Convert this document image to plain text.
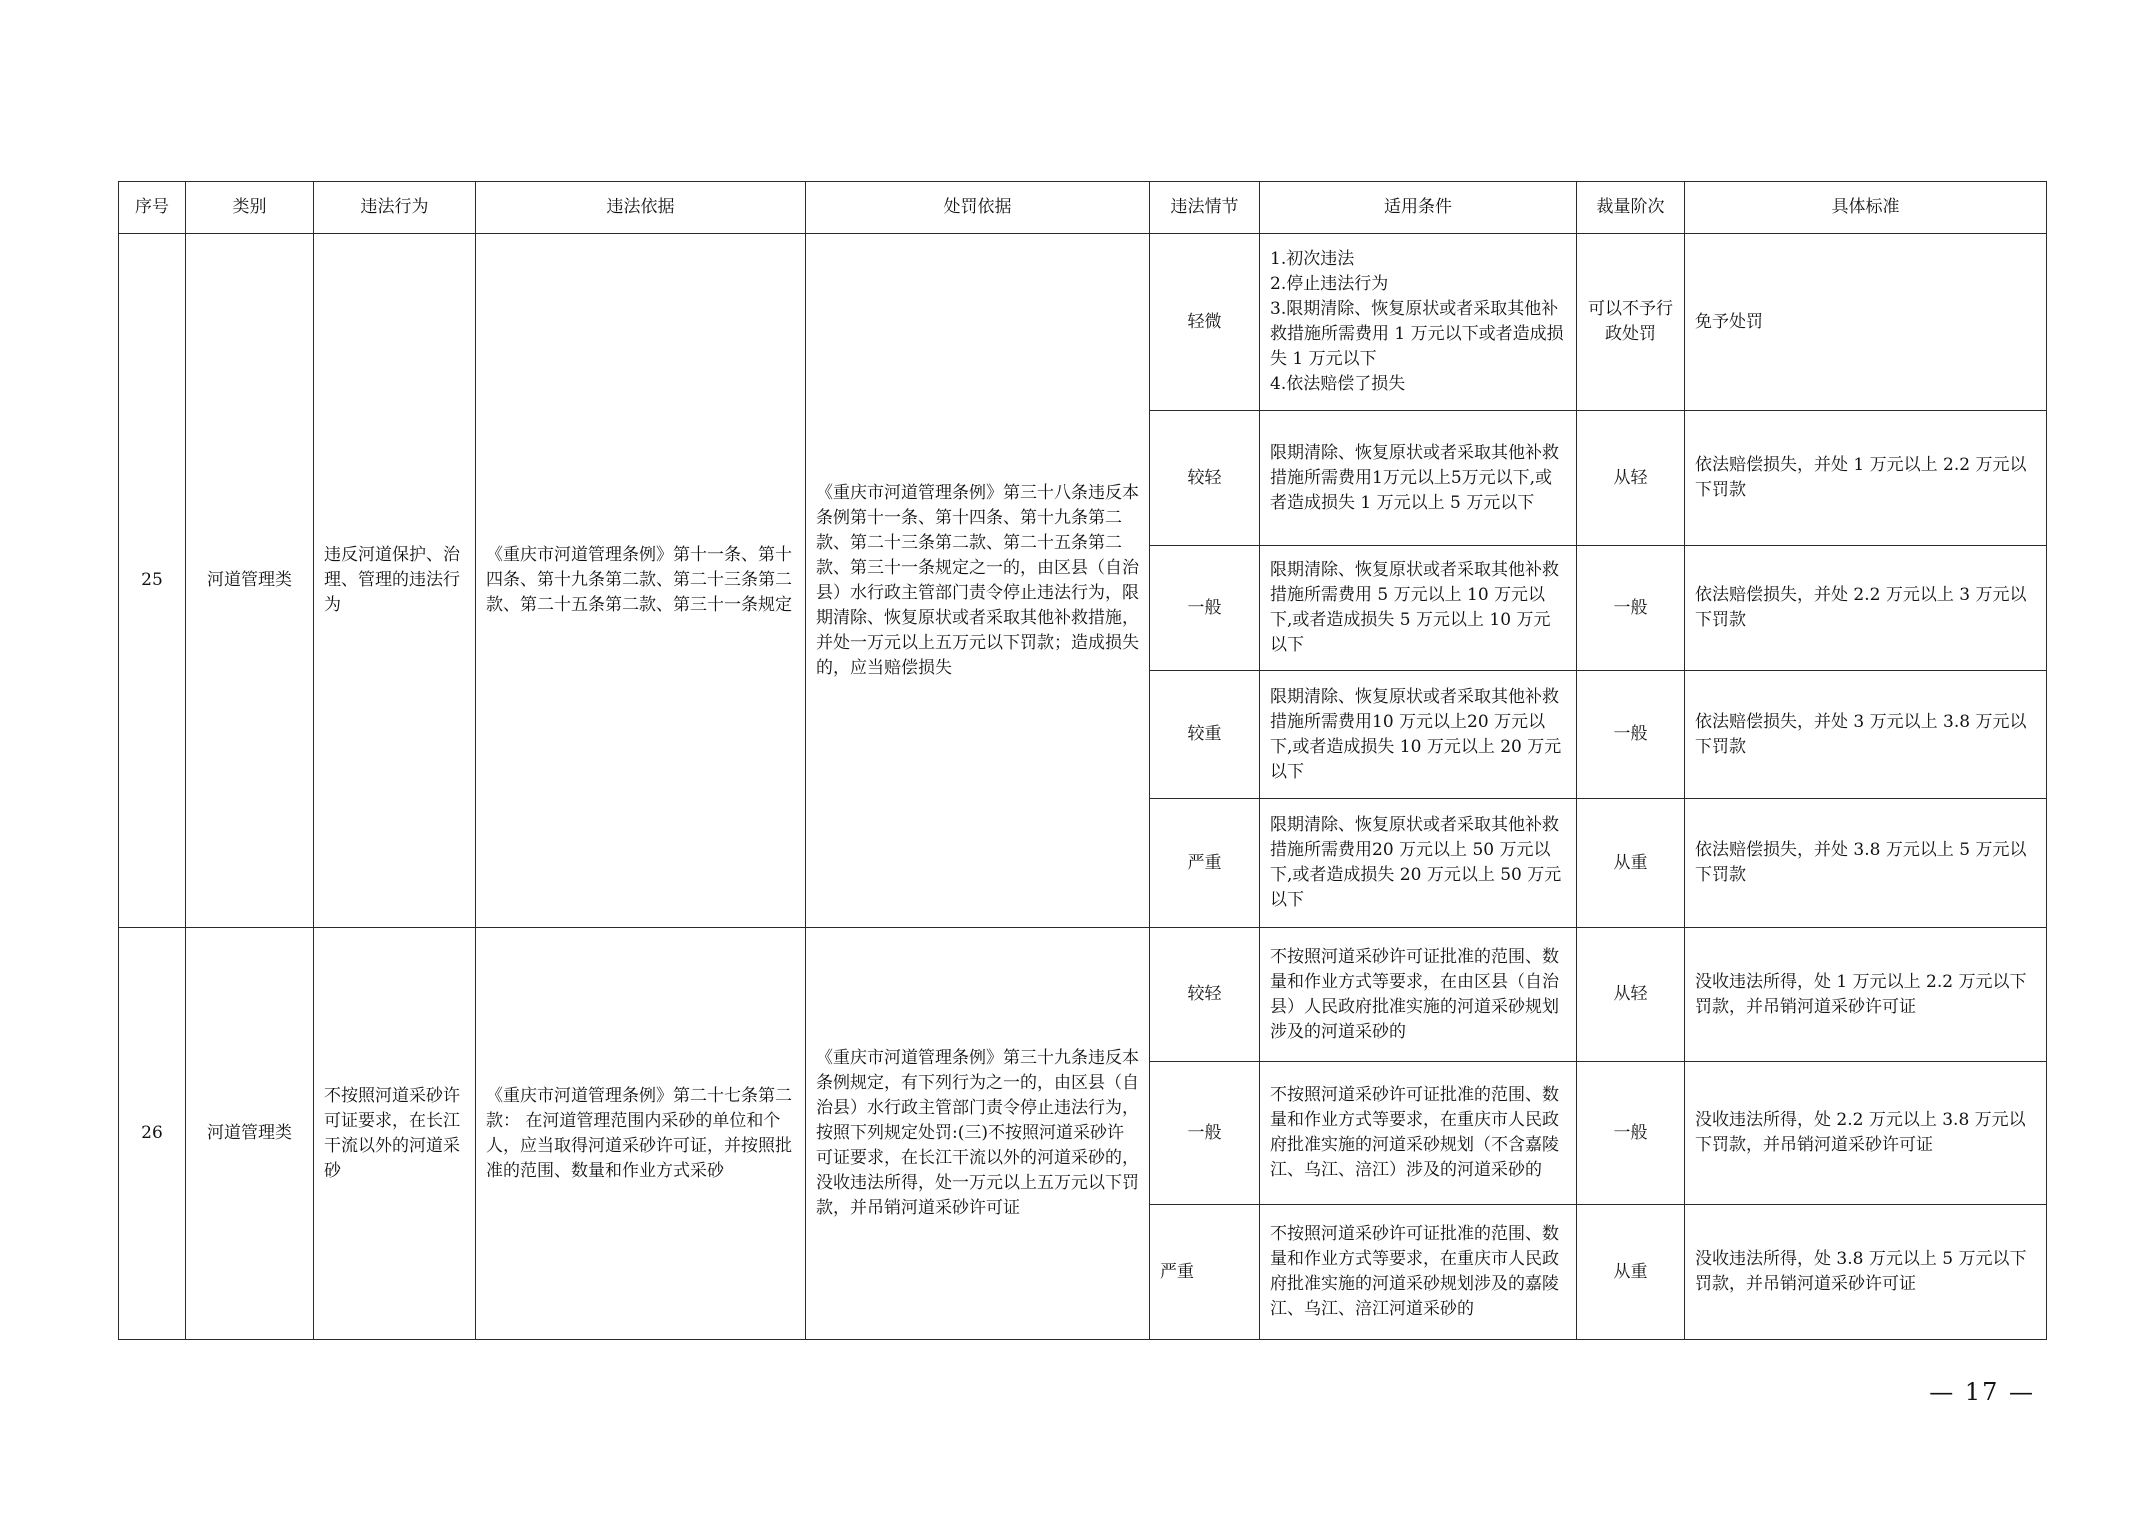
序号	类别	违法行为	违法依据	处罚依据	违法情节	适用条件	裁量阶次	具体标准
25	河道管理类	违反河道保护、治理、管理的违法行为	《重庆市河道管理条例》第十一条、第十四条、第十九条第二款、第二十三条第二款、第二十五条第二款、第三十一条规定	《重庆市河道管理条例》第三十八条违反本条例第十一条、第十四条、第十九条第二款、第二十三条第二款、第二十五条第二款、第三十一条规定之一的，由区县（自治县）水行政主管部门责令停止违法行为，限期清除、恢复原状或者采取其他补救措施，并处一万元以上五万元以下罚款；造成损失的，应当赔偿损失	轻微	1.初次违法
2.停止违法行为
3.限期清除、恢复原状或者采取其他补救措施所需费用 1 万元以下或者造成损失 1 万元以下
4.依法赔偿了损失	可以不予行政处罚	免予处罚
					较轻	限期清除、恢复原状或者采取其他补救措施所需费用1万元以上5万元以下,或者造成损失 1 万元以上 5 万元以下	从轻	依法赔偿损失，并处 1 万元以上 2.2 万元以下罚款
					一般	限期清除、恢复原状或者采取其他补救措施所需费用 5 万元以上 10 万元以下,或者造成损失 5 万元以上 10 万元以下	一般	依法赔偿损失，并处 2.2 万元以上 3 万元以下罚款
					较重	限期清除、恢复原状或者采取其他补救措施所需费用10 万元以上20 万元以下,或者造成损失 10 万元以上 20 万元以下	一般	依法赔偿损失，并处 3 万元以上 3.8 万元以下罚款
					严重	限期清除、恢复原状或者采取其他补救措施所需费用20 万元以上 50 万元以下,或者造成损失 20 万元以上 50 万元以下	从重	依法赔偿损失，并处 3.8 万元以上 5 万元以下罚款
26	河道管理类	不按照河道采砂许可证要求，在长江干流以外的河道采砂	《重庆市河道管理条例》第二十七条第二款： 在河道管理范围内采砂的单位和个人，应当取得河道采砂许可证，并按照批准的范围、数量和作业方式采砂	《重庆市河道管理条例》第三十九条违反本条例规定，有下列行为之一的，由区县（自治县）水行政主管部门责令停止违法行为，按照下列规定处罚:(三)不按照河道采砂许可证要求，在长江干流以外的河道采砂的，没收违法所得，处一万元以上五万元以下罚款，并吊销河道采砂许可证	较轻	不按照河道采砂许可证批准的范围、数量和作业方式等要求，在由区县（自治县）人民政府批准实施的河道采砂规划涉及的河道采砂的	从轻	没收违法所得，处 1 万元以上 2.2 万元以下罚款，并吊销河道采砂许可证
					一般	不按照河道采砂许可证批准的范围、数量和作业方式等要求，在重庆市人民政府批准实施的河道采砂规划（不含嘉陵江、乌江、涪江）涉及的河道采砂的	一般	没收违法所得，处 2.2 万元以上 3.8 万元以下罚款，并吊销河道采砂许可证
					严重	不按照河道采砂许可证批准的范围、数量和作业方式等要求，在重庆市人民政府批准实施的河道采砂规划涉及的嘉陵江、乌江、涪江河道采砂的	从重	没收违法所得，处 3.8 万元以上 5 万元以下罚款，并吊销河道采砂许可证
— 17 —
